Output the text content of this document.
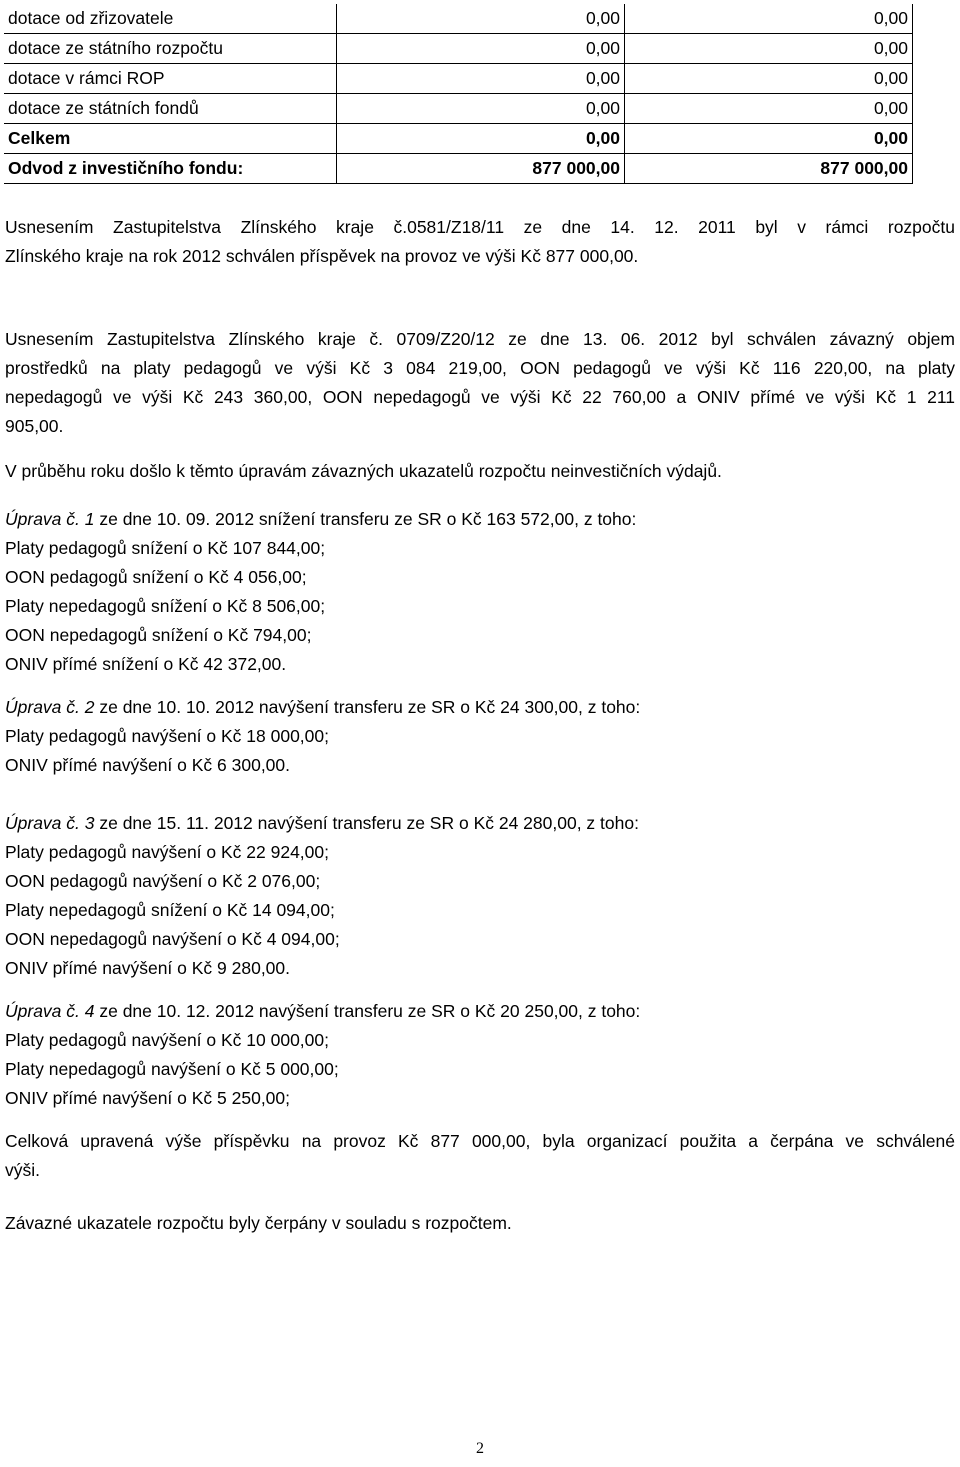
dotace od zřizovatele	0,00	0,00
dotace ze státního rozpočtu	0,00	0,00
dotace v rámci ROP	0,00	0,00
dotace ze státních fondů	0,00	0,00
Celkem	0,00	0,00
Odvod z investičního fondu:	877 000,00	877 000,00
Usnesením Zastupitelstva Zlínského kraje č.0581/Z18/11 ze dne 14. 12. 2011 byl v rámci rozpočtu
Zlínského kraje na rok 2012 schválen příspěvek na provoz ve výši Kč 877 000,00.
Usnesením Zastupitelstva Zlínského kraje č. 0709/Z20/12 ze dne 13. 06. 2012 byl schválen závazný objem
prostředků na platy pedagogů ve výši Kč 3 084 219,00, OON pedagogů ve výši Kč 116 220,00, na platy
nepedagogů ve výši Kč 243 360,00, OON nepedagogů ve výši Kč 22 760,00 a ONIV přímé ve výši Kč 1 211
905,00.
V průběhu roku došlo k těmto úpravám závazných ukazatelů rozpočtu neinvestičních výdajů.
Úprava č. 1 ze dne 10. 09. 2012 snížení transferu ze SR o Kč 163 572,00, z toho:
Platy pedagogů snížení o Kč 107 844,00;
OON pedagogů snížení o Kč 4 056,00;
Platy nepedagogů snížení o Kč 8 506,00;
OON nepedagogů snížení o Kč 794,00;
ONIV přímé snížení o Kč 42 372,00.
Úprava č. 2 ze dne 10. 10. 2012 navýšení transferu ze SR o Kč 24 300,00, z toho:
Platy pedagogů navýšení o Kč 18 000,00;
ONIV přímé navýšení o Kč 6 300,00.
Úprava č. 3 ze dne 15. 11. 2012 navýšení transferu ze SR o Kč 24 280,00, z toho:
Platy pedagogů navýšení o Kč 22 924,00;
OON pedagogů navýšení o Kč 2 076,00;
Platy nepedagogů snížení o Kč 14 094,00;
OON nepedagogů navýšení o Kč 4 094,00;
ONIV přímé navýšení o Kč 9 280,00.
Úprava č. 4 ze dne 10. 12. 2012 navýšení transferu ze SR o Kč 20 250,00, z toho:
Platy pedagogů navýšení o Kč 10 000,00;
Platy nepedagogů navýšení o Kč 5 000,00;
ONIV přímé navýšení o Kč 5 250,00;
Celková upravená výše příspěvku na provoz Kč 877 000,00, byla organizací použita a čerpána ve schválené
výši.
Závazné ukazatele rozpočtu byly čerpány v souladu s rozpočtem.
2
